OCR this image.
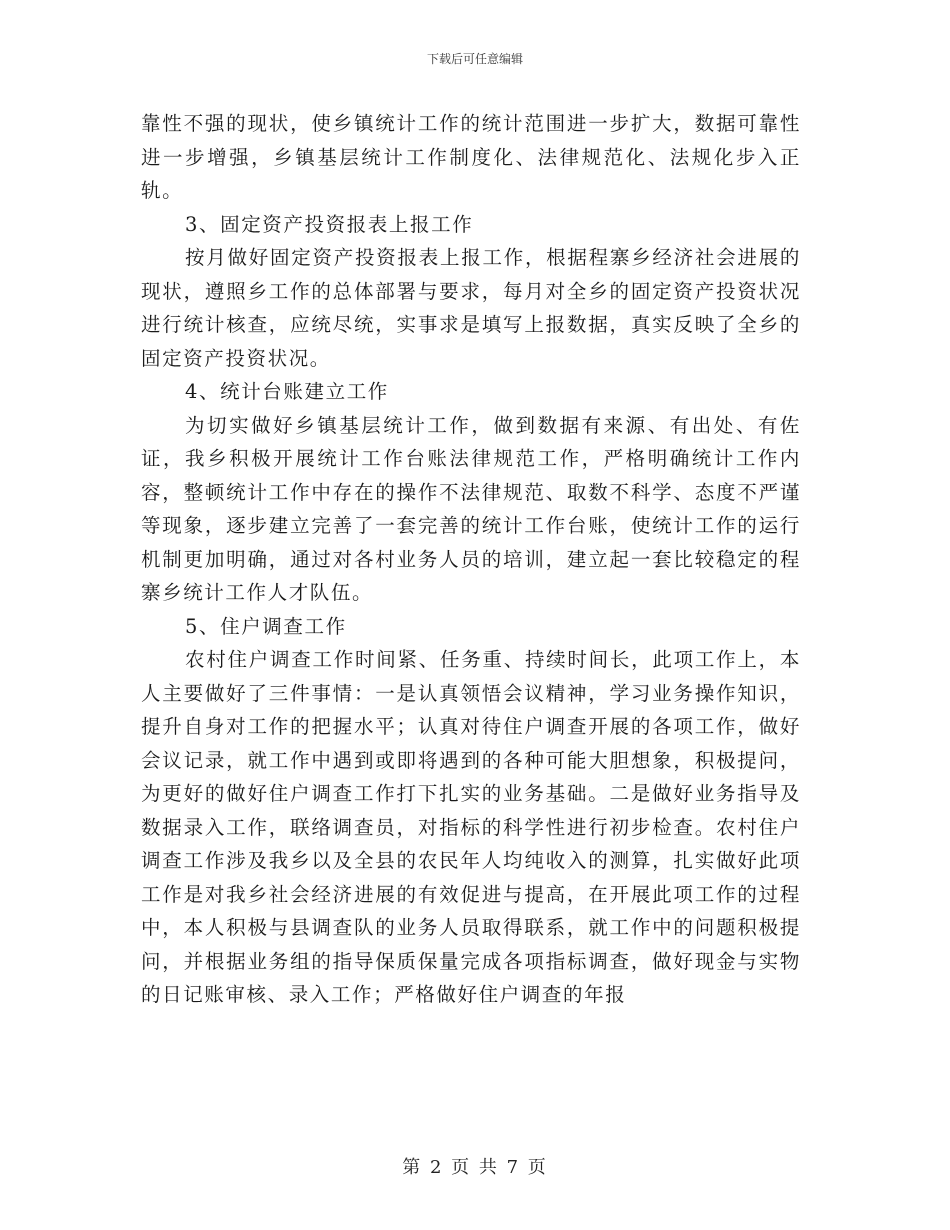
下载后可任意编辑

靠性不强的现状，使乡镇统计工作的统计范围进一步扩大，数据可靠性进一步增强，乡镇基层统计工作制度化、法律规范化、法规化步入正轨。

3、固定资产投资报表上报工作

按月做好固定资产投资报表上报工作，根据程寨乡经济社会进展的现状，遵照乡工作的总体部署与要求，每月对全乡的固定资产投资状况进行统计核查，应统尽统，实事求是填写上报数据，真实反映了全乡的固定资产投资状况。

4、统计台账建立工作

为切实做好乡镇基层统计工作，做到数据有来源、有出处、有佐证，我乡积极开展统计工作台账法律规范工作，严格明确统计工作内容，整顿统计工作中存在的操作不法律规范、取数不科学、态度不严谨等现象，逐步建立完善了一套完善的统计工作台账，使统计工作的运行机制更加明确，通过对各村业务人员的培训，建立起一套比较稳定的程寨乡统计工作人才队伍。

5、住户调查工作

农村住户调查工作时间紧、任务重、持续时间长，此项工作上，本人主要做好了三件事情：一是认真领悟会议精神，学习业务操作知识，提升自身对工作的把握水平；认真对待住户调查开展的各项工作，做好会议记录，就工作中遇到或即将遇到的各种可能大胆想象，积极提问，为更好的做好住户调查工作打下扎实的业务基础。二是做好业务指导及数据录入工作，联络调查员，对指标的科学性进行初步检查。农村住户调查工作涉及我乡以及全县的农民年人均纯收入的测算，扎实做好此项工作是对我乡社会经济进展的有效促进与提高，在开展此项工作的过程中，本人积极与县调查队的业务人员取得联系，就工作中的问题积极提问，并根据业务组的指导保质保量完成各项指标调查，做好现金与实物的日记账审核、录入工作；严格做好住户调查的年报

第 2 页 共 7 页
